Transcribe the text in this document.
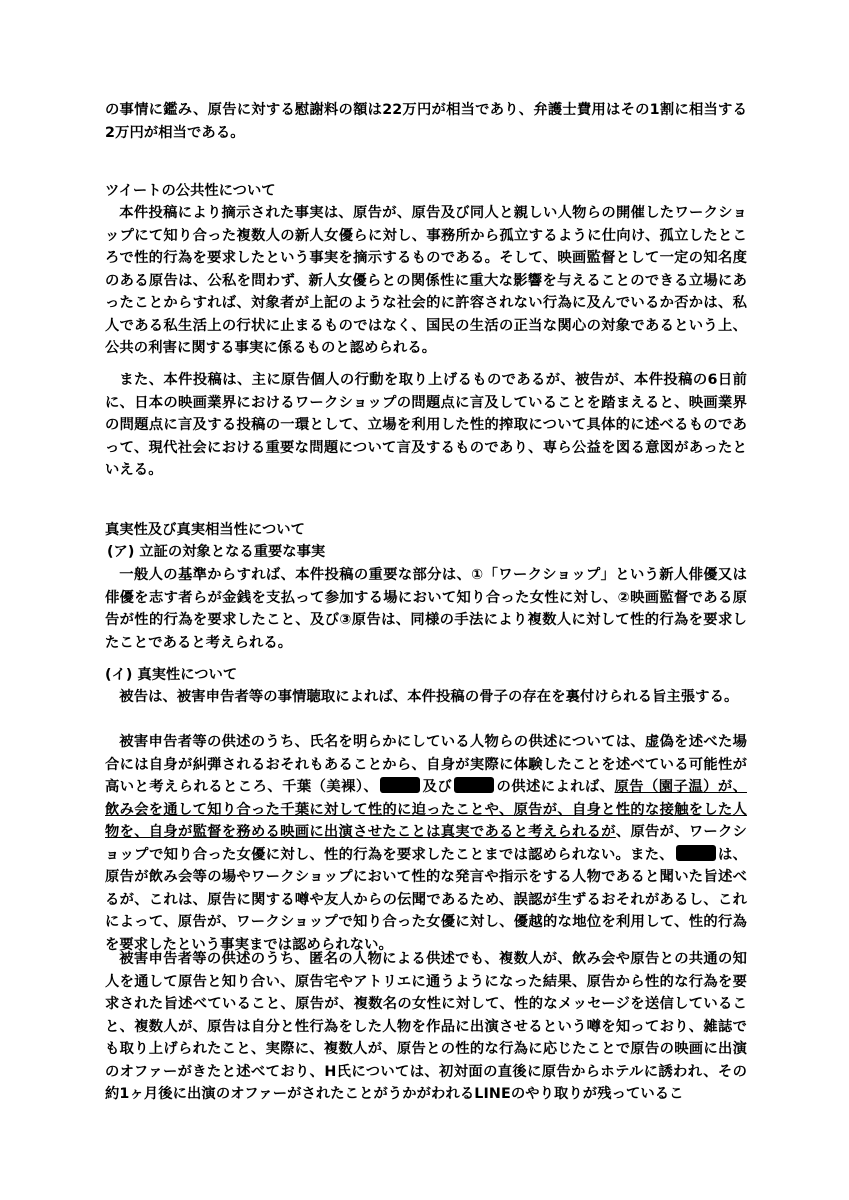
の事情に鑑み、原告に対する慰謝料の額は22万円が相当であり、弁護士費用はその1割に相当する2万円が相当である。
ツイートの公共性について
本件投稿により摘示された事実は、原告が、原告及び同人と親しい人物らの開催したワークショップにて知り合った複数人の新人女優らに対し、事務所から孤立するように仕向け、孤立したところで性的行為を要求したという事実を摘示するものである。そして、映画監督として一定の知名度のある原告は、公私を問わず、新人女優らとの関係性に重大な影響を与えることのできる立場にあったことからすれば、対象者が上記のような社会的に許容されない行為に及んでいるか否かは、私人である私生活上の行状に止まるものではなく、国民の生活の正当な関心の対象であるという上、公共の利害に関する事実に係るものと認められる。
また、本件投稿は、主に原告個人の行動を取り上げるものであるが、被告が、本件投稿の6日前に、日本の映画業界におけるワークショップの問題点に言及していることを踏まえると、映画業界の問題点に言及する投稿の一環として、立場を利用した性的搾取について具体的に述べるものであって、現代社会における重要な問題について言及するものであり、専ら公益を図る意図があったといえる。
真実性及び真実相当性について
(ア) 立証の対象となる重要な事実
一般人の基準からすれば、本件投稿の重要な部分は、①「ワークショップ」という新人俳優又は俳優を志す者らが金銭を支払って参加する場において知り合った女性に対し、②映画監督である原告が性的行為を要求したこと、及び③原告は、同様の手法により複数人に対して性的行為を要求したことであると考えられる。
(イ) 真実性について
被告は、被害申告者等の事情聴取によれば、本件投稿の骨子の存在を裏付けられる旨主張する。
被害申告者等の供述のうち、氏名を明らかにしている人物らの供述については、虚偽を述べた場合には自身が糾弾されるおそれもあることから、自身が実際に体験したことを述べている可能性が高いと考えられるところ、千葉（美裸）、	及び	の供述によれば、原告（園子温）が、飲み会を通して知り合った千葉に対して性的に迫ったことや、原告が、自身と性的な接触をした人物を、自身が監督を務める映画に出演させたことは真実であると考えられるが、原告が、ワークショップで知り合った女優に対し、性的行為を要求したことまでは認められない。また、	は、原告が飲み会等の場やワークショップにおいて性的な発言や指示をする人物であると聞いた旨述べるが、これは、原告に関する噂や友人からの伝聞であるため、誤認が生ずるおそれがあるし、これによって、原告が、ワークショップで知り合った女優に対し、優越的な地位を利用して、性的行為を要求したという事実までは認められない。
被害申告者等の供述のうち、匿名の人物による供述でも、複数人が、飲み会や原告との共通の知人を通して原告と知り合い、原告宅やアトリエに通うようになった結果、原告から性的な行為を要求された旨述べていること、原告が、複数名の女性に対して、性的なメッセージを送信していること、複数人が、原告は自分と性行為をした人物を作品に出演させるという噂を知っており、雑誌でも取り上げられたこと、実際に、複数人が、原告との性的な行為に応じたことで原告の映画に出演のオファーがきたと述べており、H氏については、初対面の直後に原告からホテルに誘われ、その約1ヶ月後に出演のオファーがされたことがうかがわれるLINEのやり取りが残っているこ
